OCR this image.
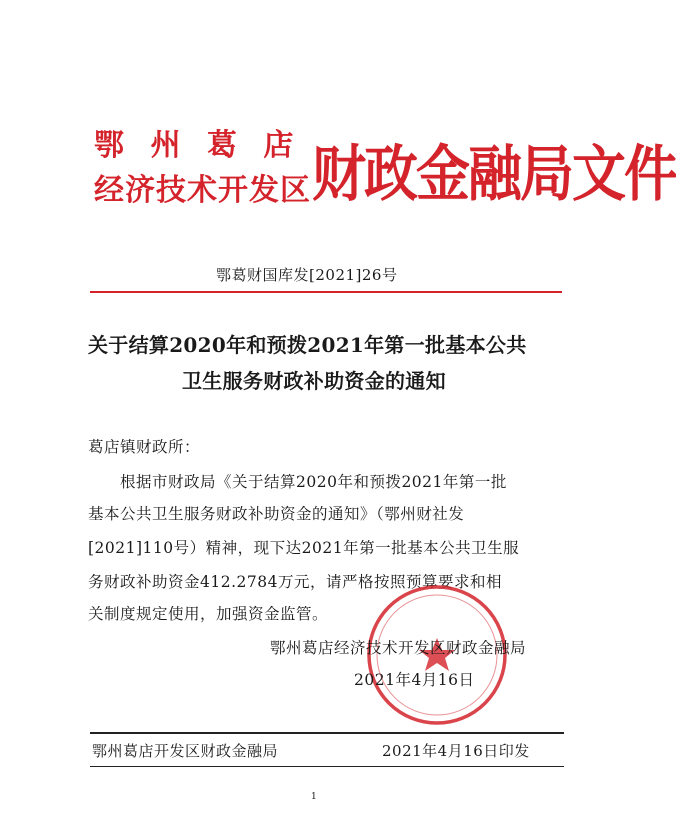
鄂 州 葛 店
经济技术开发区 财政金融局文件
鄂葛财国库发[2021]26号
关于结算2020年和预拨2021年第一批基本公共
卫生服务财政补助资金的通知
葛店镇财政所：
根据市财政局《关于结算2020年和预拨2021年第一批
基本公共卫生服务财政补助资金的通知》（鄂州财社发
[2021]110号）精神，现下达2021年第一批基本公共卫生服
务财政补助资金412.2784万元，请严格按照预算要求和相
关制度规定使用，加强资金监管。
鄂州葛店经济技术开发区财政金融局
2021年4月16日
鄂州葛店开发区财政金融局	2021年4月16日印发
1
